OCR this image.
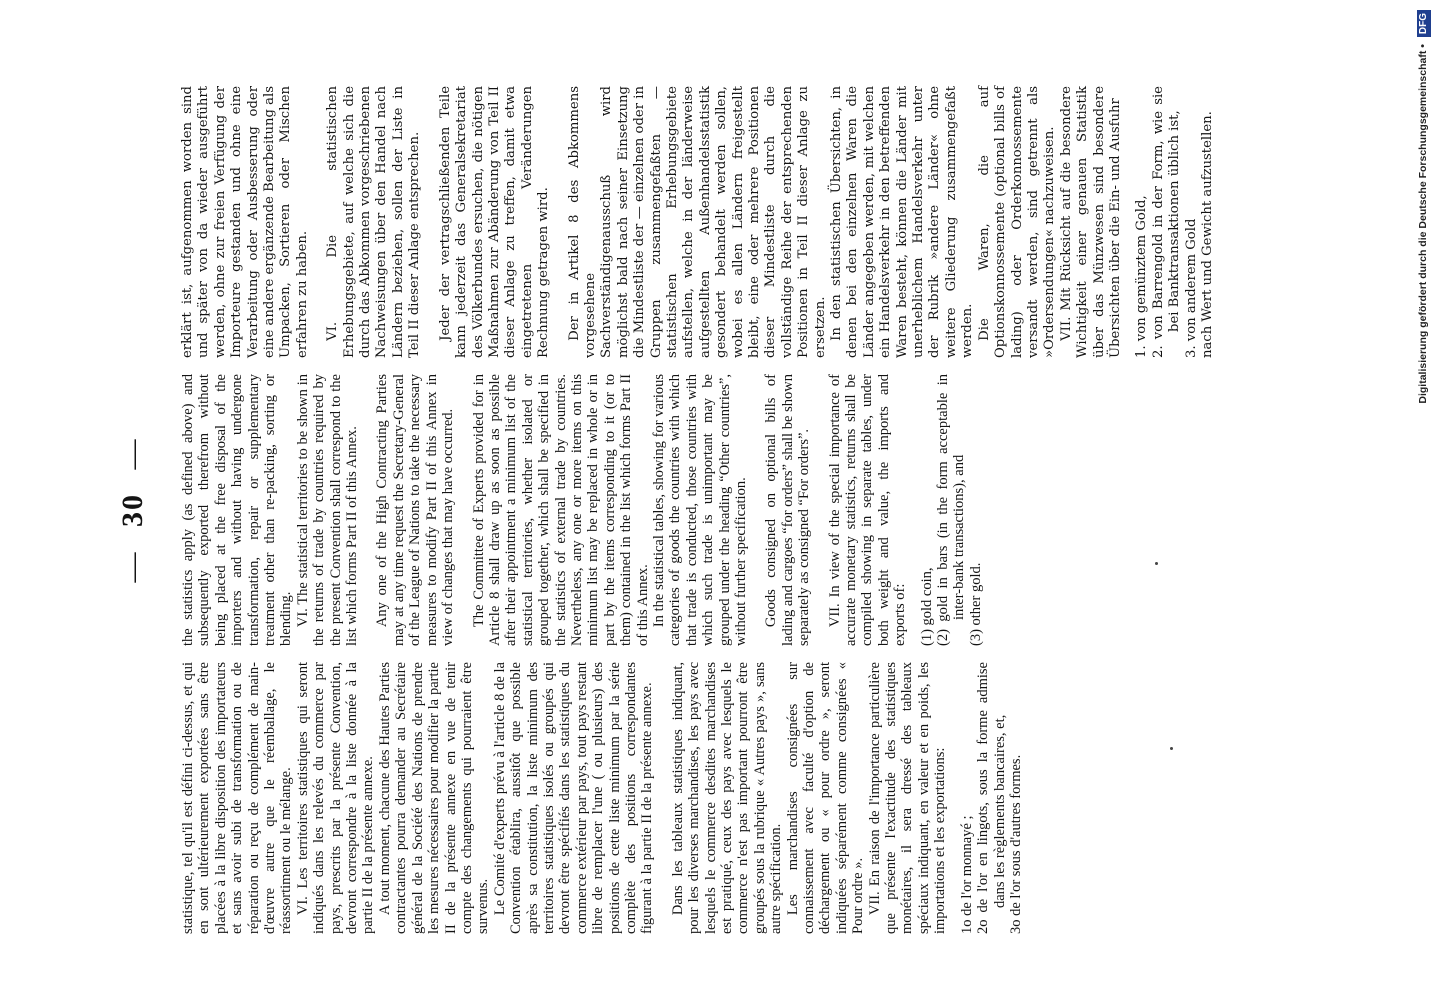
— 30 —

statistique, tel qu'il est défini ci-dessus, et qui en sont ultérieurement exportées sans être placées à la libre disposition des importateurs et sans avoir subi de transformation ou de réparation ou reçu de complément de main-d'œuvre autre que le réemballage, le réassortiment ou le mélange. VI. Les territoires statistiques qui seront indiqués dans les relevés du commerce par pays, prescrits par la présente Convention, devront correspondre à la liste donnée à la partie II de la présente annexe. A tout moment, chacune des Hautes Parties contractantes pourra demander au Secrétaire général de la Société des Nations de prendre les mesures nécessaires pour modifier la partie II de la présente annexe en vue de tenir compte des changements qui pourraient être survenus. Le Comité d'experts prévu à l'article 8 de la Convention établira, aussitôt que possible après sa constitution, la liste minimum des territoires statistiques isolés ou groupés qui devront être spécifiés dans les statistiques du commerce extérieur par pays, tout pays restant libre de remplacer l'une ( ou plusieurs) des positions de cette liste minimum par la série complète des positions correspondantes figurant à la partie II de la présente annexe. Dans les tableaux statistiques indiquant, pour les diverses marchandises, les pays avec lesquels le commerce desdites marchandises est pratiqué, ceux des pays avec lesquels le commerce n'est pas important pourront être groupés sous la rubrique « Autres pays », sans autre spécification. Les marchandises consignées sur connaissement avec faculté d'option de déchargement ou « pour ordre », seront indiquées séparément comme consignées « Pour ordre ». VII. En raison de l'importance particulière que présente l'exactitude des statistiques monétaires, il sera dressé des tableaux spéciaux indiquant, en valeur et en poids, les importations et les exportations: 1o de l'or monnayé ; 2o de l'or en lingots, sous la forme admise dans les règlements bancaires, et, 3o de l'or sous d'autres formes.

the statistics apply (as defined above) and subsequently exported therefrom without being placed at the free disposal of the importers and without having undergone transformation, repair or supplementary treatment other than re-packing, sorting or blending. VI. The statistical territories to be shown in the returns of trade by countries required by the present Convention shall correspond to the list which forms Part II of this Annex. Any one of the High Contracting Parties may at any time request the Secretary-General of the League of Nations to take the necessary measures to modify Part II of this Annex in view of changes that may have occurred. The Committee of Experts provided for in Article 8 shall draw up as soon as possible after their appointment a minimum list of the statistical territories, whether isolated or grouped together, which shall be specified in the statistics of external trade by countries. Nevertheless, any one or more items on this minimum list may be replaced in whole or in part by the items corresponding to it (or to them) contained in the list which forms Part II of this Annex. In the statistical tables, showing for various categories of goods the countries with which that trade is conducted, those countries with which such trade is unimportant may be grouped under the heading “Other countries”, without further specification. Goods consigned on optional bills of lading and cargoes “for orders” shall be shown separately as consigned “For orders”. VII. In view of the special importance of accurate monetary statistics, returns shall be compiled showing in separate tables, under both weight and value, the imports and exports of: (1) gold coin, (2) gold in bars (in the form acceptable in inter-bank transactions), and (3) other gold.

erklärt ist, aufgenommen worden sind und später von da wieder ausgeführt werden, ohne zur freien Verfügung der Importeure gestanden und ohne eine Verarbeitung oder Ausbesserung oder eine andere ergänzende Bearbeitung als Umpacken, Sortieren oder Mischen erfahren zu haben. VI. Die statistischen Erhebungsgebiete, auf welche sich die durch das Abkommen vorgeschriebenen Nachweisungen über den Handel nach Ländern beziehen, sollen der Liste in Teil II dieser Anlage entsprechen. Jeder der vertragschließenden Teile kann jederzeit das Generalsekretariat des Völkerbundes ersuchen, die nötigen Maßnahmen zur Abänderung von Teil II dieser Anlage zu treffen, damit etwa eingetretenen Veränderungen Rechnung getragen wird. Der in Artikel 8 des Abkommens vorgesehene Sachverständigenausschuß wird möglichst bald nach seiner Einsetzung die Mindestliste der — einzelnen oder in Gruppen zusammengefaßten — statistischen Erhebungsgebiete aufstellen, welche in der länderweise aufgestellten Außenhandelsstatistik gesondert behandelt werden sollen, wobei es allen Ländern freigestellt bleibt, eine oder mehrere Positionen dieser Mindestliste durch die vollständige Reihe der entsprechenden Positionen in Teil II dieser Anlage zu ersetzen. In den statistischen Übersichten, in denen bei den einzelnen Waren die Länder angegeben werden, mit welchen ein Handelsverkehr in den betreffenden Waren besteht, können die Länder mit unerheblichem Handelsverkehr unter der Rubrik »andere Länder« ohne weitere Gliederung zusammengefaßt werden. Die Waren, die auf Optionskonnossemente (optional bills of lading) oder Orderkonnossemente versandt werden, sind getrennt als »Ordersendungen« nachzuweisen. VII. Mit Rücksicht auf die besondere Wichtigkeit einer genauen Statistik über das Münzwesen sind besondere Übersichten über die Ein- und Ausfuhr 1. von gemünztem Gold, 2. von Barrengold in der Form, wie sie bei Banktransaktionen üblich ist, 3. von anderem Gold nach Wert und Gewicht aufzustellen.	Digitalisierung gefördert durch die Deutsche Forschungsgemeinschaft • DFG
